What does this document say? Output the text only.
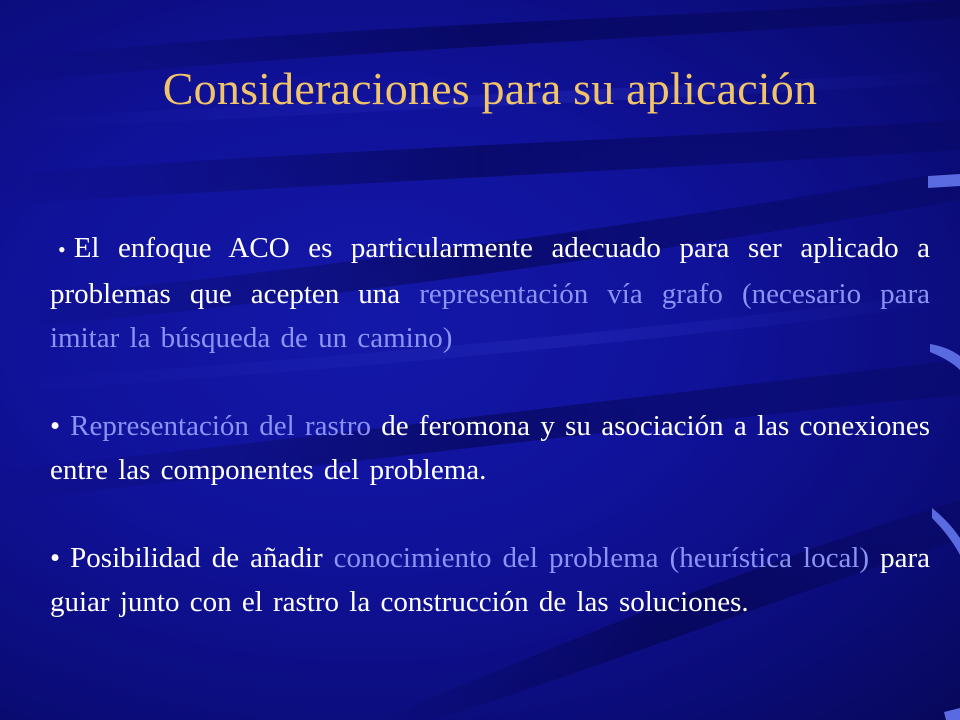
Consideraciones para su aplicación

• El enfoque ACO es particularmente adecuado para ser aplicado a problemas que acepten una representación vía grafo (necesario para imitar la búsqueda de un camino)

• Representación del rastro de feromona y su asociación a las conexiones entre las componentes del problema.

• Posibilidad de añadir conocimiento del problema (heurística local) para guiar junto con el rastro la construcción de las soluciones.
